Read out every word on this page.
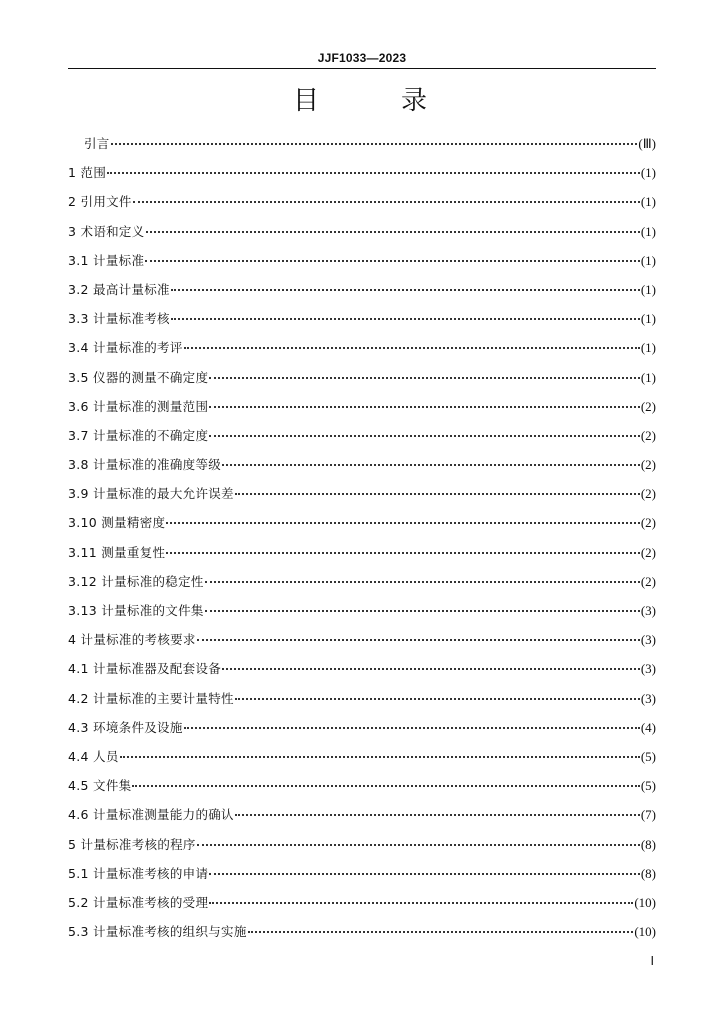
JJF1033—2023
目	录
引言	(Ⅲ)
1 范围	(1)
2 引用文件	(1)
3 术语和定义	(1)
3.1 计量标准	(1)
3.2 最高计量标准	(1)
3.3 计量标准考核	(1)
3.4 计量标准的考评	(1)
3.5 仪器的测量不确定度	(1)
3.6 计量标准的测量范围	(2)
3.7 计量标准的不确定度	(2)
3.8 计量标准的准确度等级	(2)
3.9 计量标准的最大允许误差	(2)
3.10 测量精密度	(2)
3.11 测量重复性	(2)
3.12 计量标准的稳定性	(2)
3.13 计量标准的文件集	(3)
4 计量标准的考核要求	(3)
4.1 计量标准器及配套设备	(3)
4.2 计量标准的主要计量特性	(3)
4.3 环境条件及设施	(4)
4.4 人员	(5)
4.5 文件集	(5)
4.6 计量标准测量能力的确认	(7)
5 计量标准考核的程序	(8)
5.1 计量标准考核的申请	(8)
5.2 计量标准考核的受理	(10)
5.3 计量标准考核的组织与实施	(10)
Ⅰ
